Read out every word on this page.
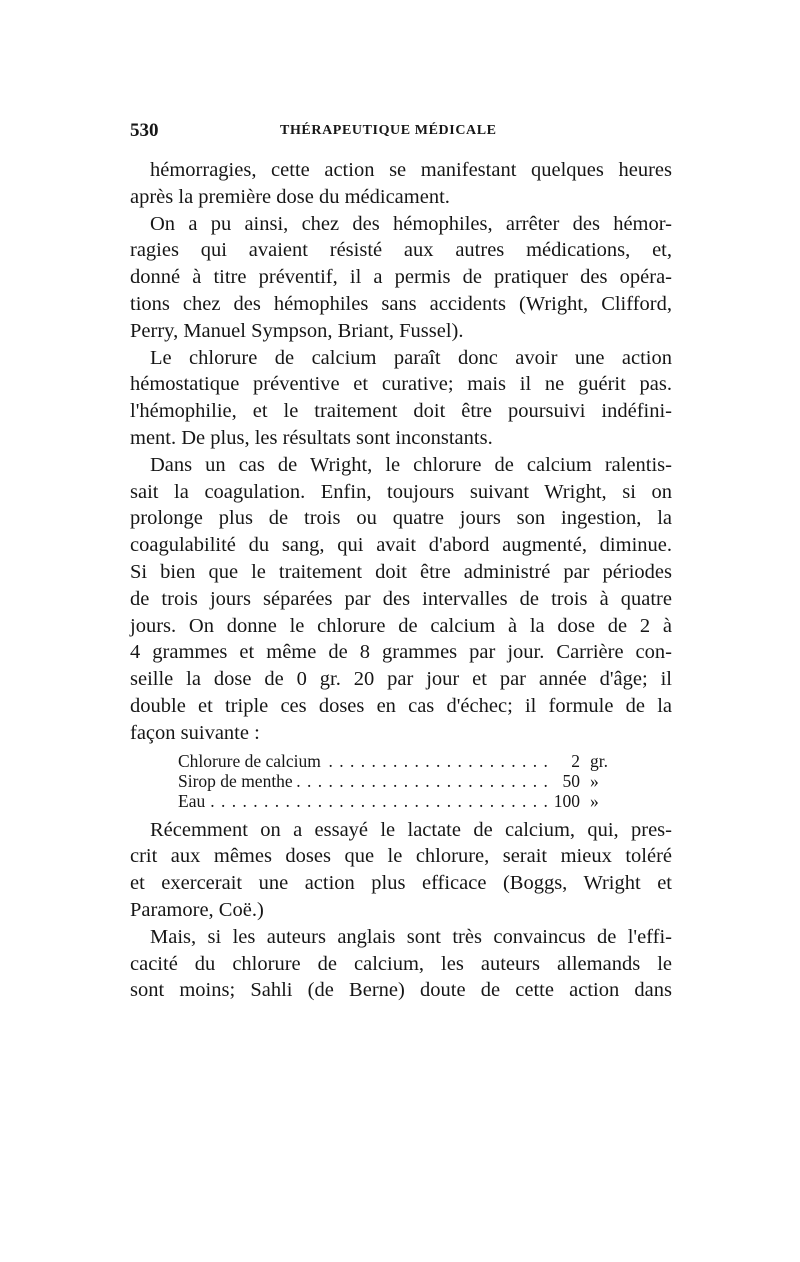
530	THÉRAPEUTIQUE MÉDICALE
hémorragies, cette action se manifestant quelques heures
après la première dose du médicament.
On a pu ainsi, chez des hémophiles, arrêter des hémor-
ragies qui avaient résisté aux autres médications, et,
donné à titre préventif, il a permis de pratiquer des opéra-
tions chez des hémophiles sans accidents (Wright, Clifford,
Perry, Manuel Sympson, Briant, Fussel).
Le chlorure de calcium paraît donc avoir une action
hémostatique préventive et curative; mais il ne guérit pas.
l'hémophilie, et le traitement doit être poursuivi indéfini-
ment. De plus, les résultats sont inconstants.
Dans un cas de Wright, le chlorure de calcium ralentis-
sait la coagulation. Enfin, toujours suivant Wright, si on
prolonge plus de trois ou quatre jours son ingestion, la
coagulabilité du sang, qui avait d'abord augmenté, diminue.
Si bien que le traitement doit être administré par périodes
de trois jours séparées par des intervalles de trois à quatre
jours. On donne le chlorure de calcium à la dose de 2 à
4 grammes et même de 8 grammes par jour. Carrière con-
seille la dose de 0 gr. 20 par jour et par année d'âge; il
double et triple ces doses en cas d'échec; il formule de la
façon suivante :
Chlorure de calcium . . .	2 gr.
Sirop de menthe . . .	50 »
Eau . . .	100 »
Récemment on a essayé le lactate de calcium, qui, pres-
crit aux mêmes doses que le chlorure, serait mieux toléré
et exercerait une action plus efficace (Boggs, Wright et
Paramore, Coë.)
Mais, si les auteurs anglais sont très convaincus de l'effi-
cacité du chlorure de calcium, les auteurs allemands le
sont moins; Sahli (de Berne) doute de cette action dans
